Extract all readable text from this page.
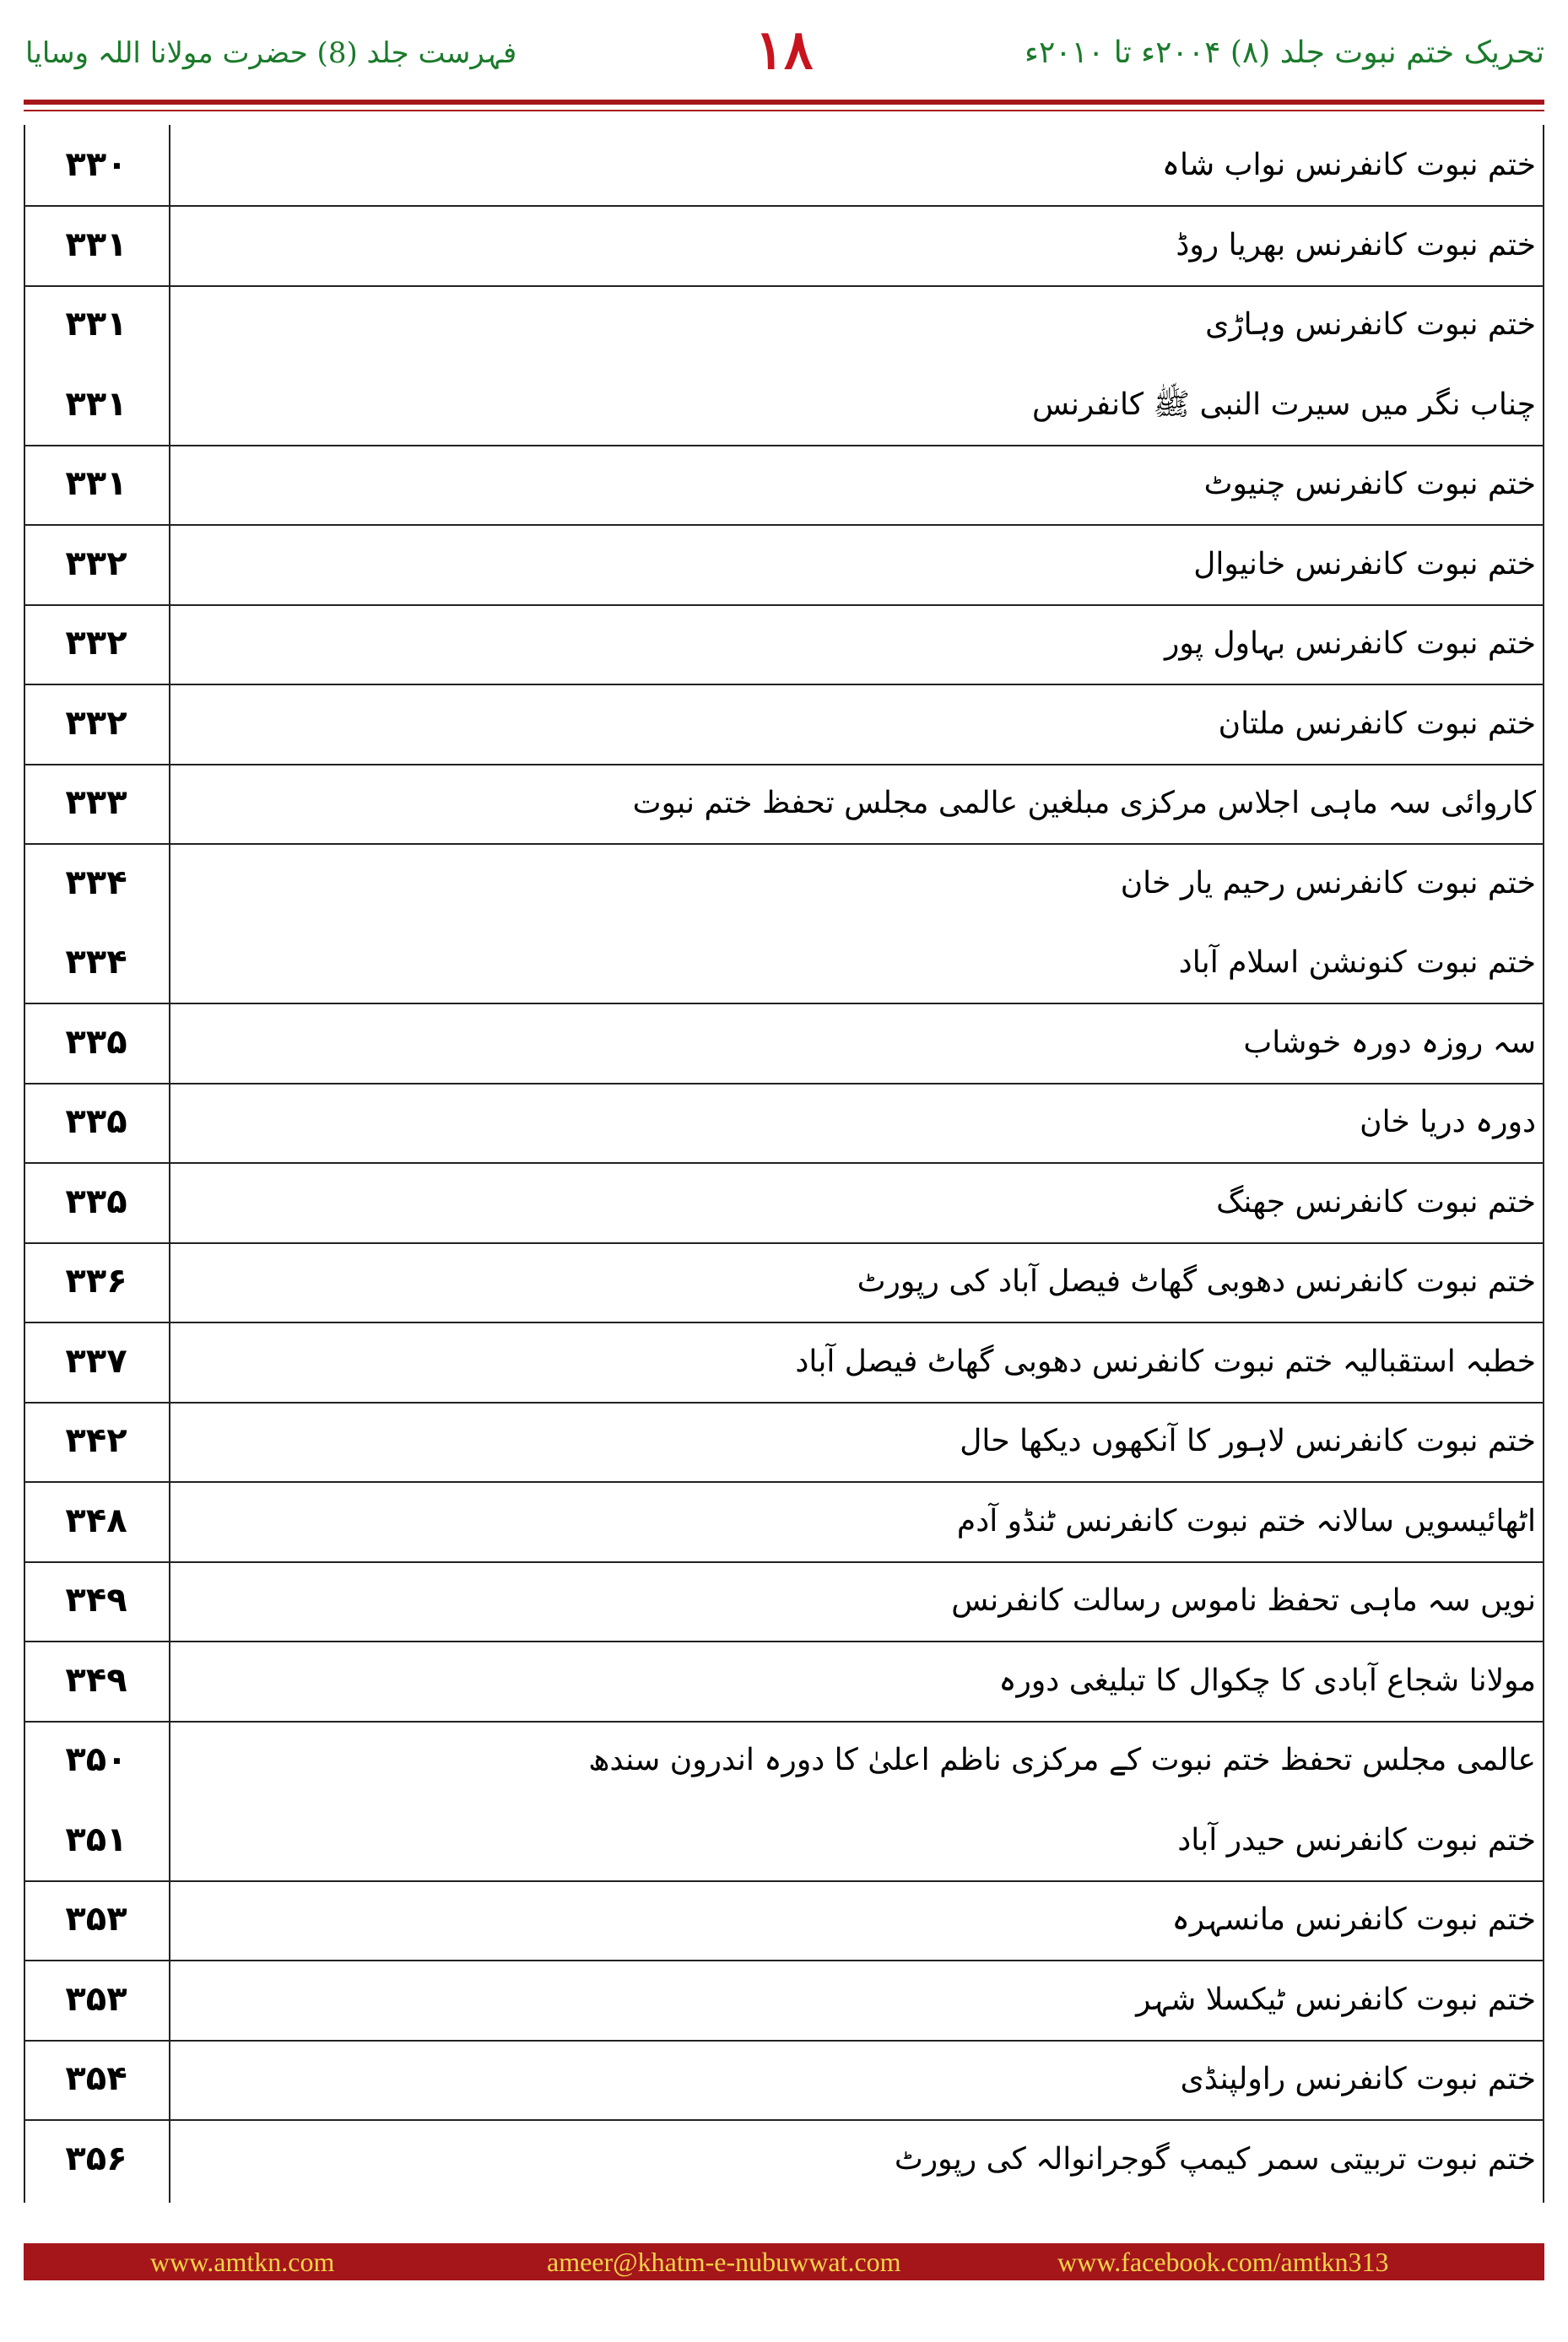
فہرست جلد (8) حضرت مولانا اللہ وسایا	۱۸	تحریک ختم نبوت جلد (۸) ۲۰۰۴ء تا ۲۰۱۰ء
ختم نبوت کانفرنس نواب شاہ
۳۳۰
ختم نبوت کانفرنس بھریا روڈ
۳۳۱
ختم نبوت کانفرنس وہاڑی
۳۳۱
چناب نگر میں سیرت النبی ﷺ کانفرنس
۳۳۱
ختم نبوت کانفرنس چنیوٹ
۳۳۱
ختم نبوت کانفرنس خانیوال
۳۳۲
ختم نبوت کانفرنس بہاول پور
۳۳۲
ختم نبوت کانفرنس ملتان
۳۳۲
کاروائی سہ ماہی اجلاس مرکزی مبلغین عالمی مجلس تحفظ ختم نبوت
۳۳۳
ختم نبوت کانفرنس رحیم یار خان
۳۳۴
ختم نبوت کنونشن اسلام آباد
۳۳۴
سہ روزہ دورہ خوشاب
۳۳۵
دورہ دریا خان
۳۳۵
ختم نبوت کانفرنس جھنگ
۳۳۵
ختم نبوت کانفرنس دھوبی گھاٹ فیصل آباد کی رپورٹ
۳۳۶
خطبہ استقبالیہ ختم نبوت کانفرنس دھوبی گھاٹ فیصل آباد
۳۳۷
ختم نبوت کانفرنس لاہور کا آنکھوں دیکھا حال
۳۴۲
اٹھائیسویں سالانہ ختم نبوت کانفرنس ٹنڈو آدم
۳۴۸
نویں سہ ماہی تحفظ ناموس رسالت کانفرنس
۳۴۹
مولانا شجاع آبادی کا چکوال کا تبلیغی دورہ
۳۴۹
عالمی مجلس تحفظ ختم نبوت کے مرکزی ناظم اعلیٰ کا دورہ اندرون سندھ
۳۵۰
ختم نبوت کانفرنس حیدر آباد
۳۵۱
ختم نبوت کانفرنس مانسہرہ
۳۵۳
ختم نبوت کانفرنس ٹیکسلا شہر
۳۵۳
ختم نبوت کانفرنس راولپنڈی
۳۵۴
ختم نبوت تربیتی سمر کیمپ گوجرانوالہ کی رپورٹ
۳۵۶
www.amtkn.com	ameer@khatm-e-nubuwwat.com	www.facebook.com/amtkn313
